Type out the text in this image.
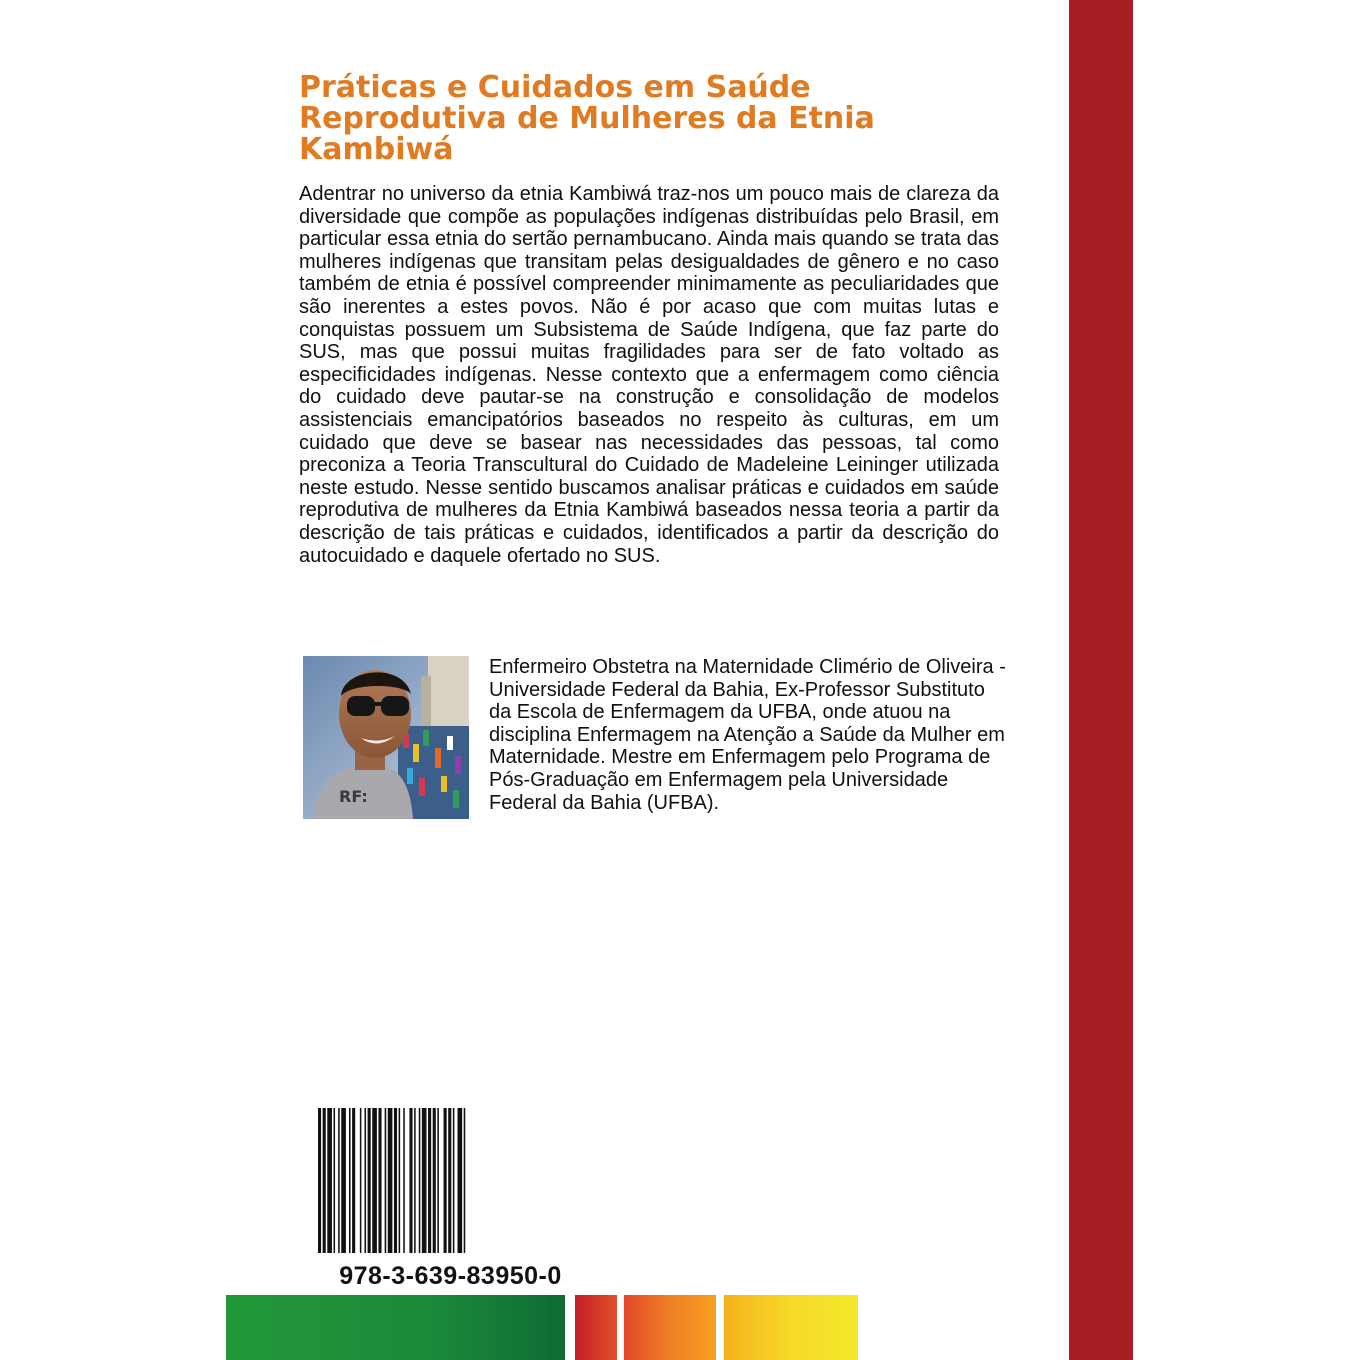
Práticas e Cuidados em Saúde Reprodutiva de Mulheres da Etnia Kambiwá

Adentrar no universo da etnia Kambiwá traz-nos um pouco mais de clareza da diversidade que compõe as populações indígenas distribuídas pelo Brasil, em particular essa etnia do sertão pernambucano. Ainda mais quando se trata das mulheres indígenas que transitam pelas desigualdades de gênero e no caso também de etnia é possível compreender minimamente as peculiaridades que são inerentes a estes povos. Não é por acaso que com muitas lutas e conquistas possuem um Subsistema de Saúde Indígena, que faz parte do SUS, mas que possui muitas fragilidades para ser de fato voltado as especificidades indígenas. Nesse contexto que a enfermagem como ciência do cuidado deve pautar-se na construção e consolidação de modelos assistenciais emancipatórios baseados no respeito às culturas, em um cuidado que deve se basear nas necessidades das pessoas, tal como preconiza a Teoria Transcultural do Cuidado de Madeleine Leininger utilizada neste estudo. Nesse sentido buscamos analisar práticas e cuidados em saúde reprodutiva de mulheres da Etnia Kambiwá baseados nessa teoria a partir da descrição de tais práticas e cuidados, identificados a partir da descrição do autocuidado e daquele ofertado no SUS.

RF:

Enfermeiro Obstetra na Maternidade Climério de Oliveira - Universidade Federal da Bahia, Ex-Professor Substituto da Escola de Enfermagem da UFBA, onde atuou na disciplina Enfermagem na Atenção a Saúde da Mulher em Maternidade. Mestre em Enfermagem pelo Programa de Pós-Graduação em Enfermagem pela Universidade Federal da Bahia (UFBA).

978-3-639-83950-0
